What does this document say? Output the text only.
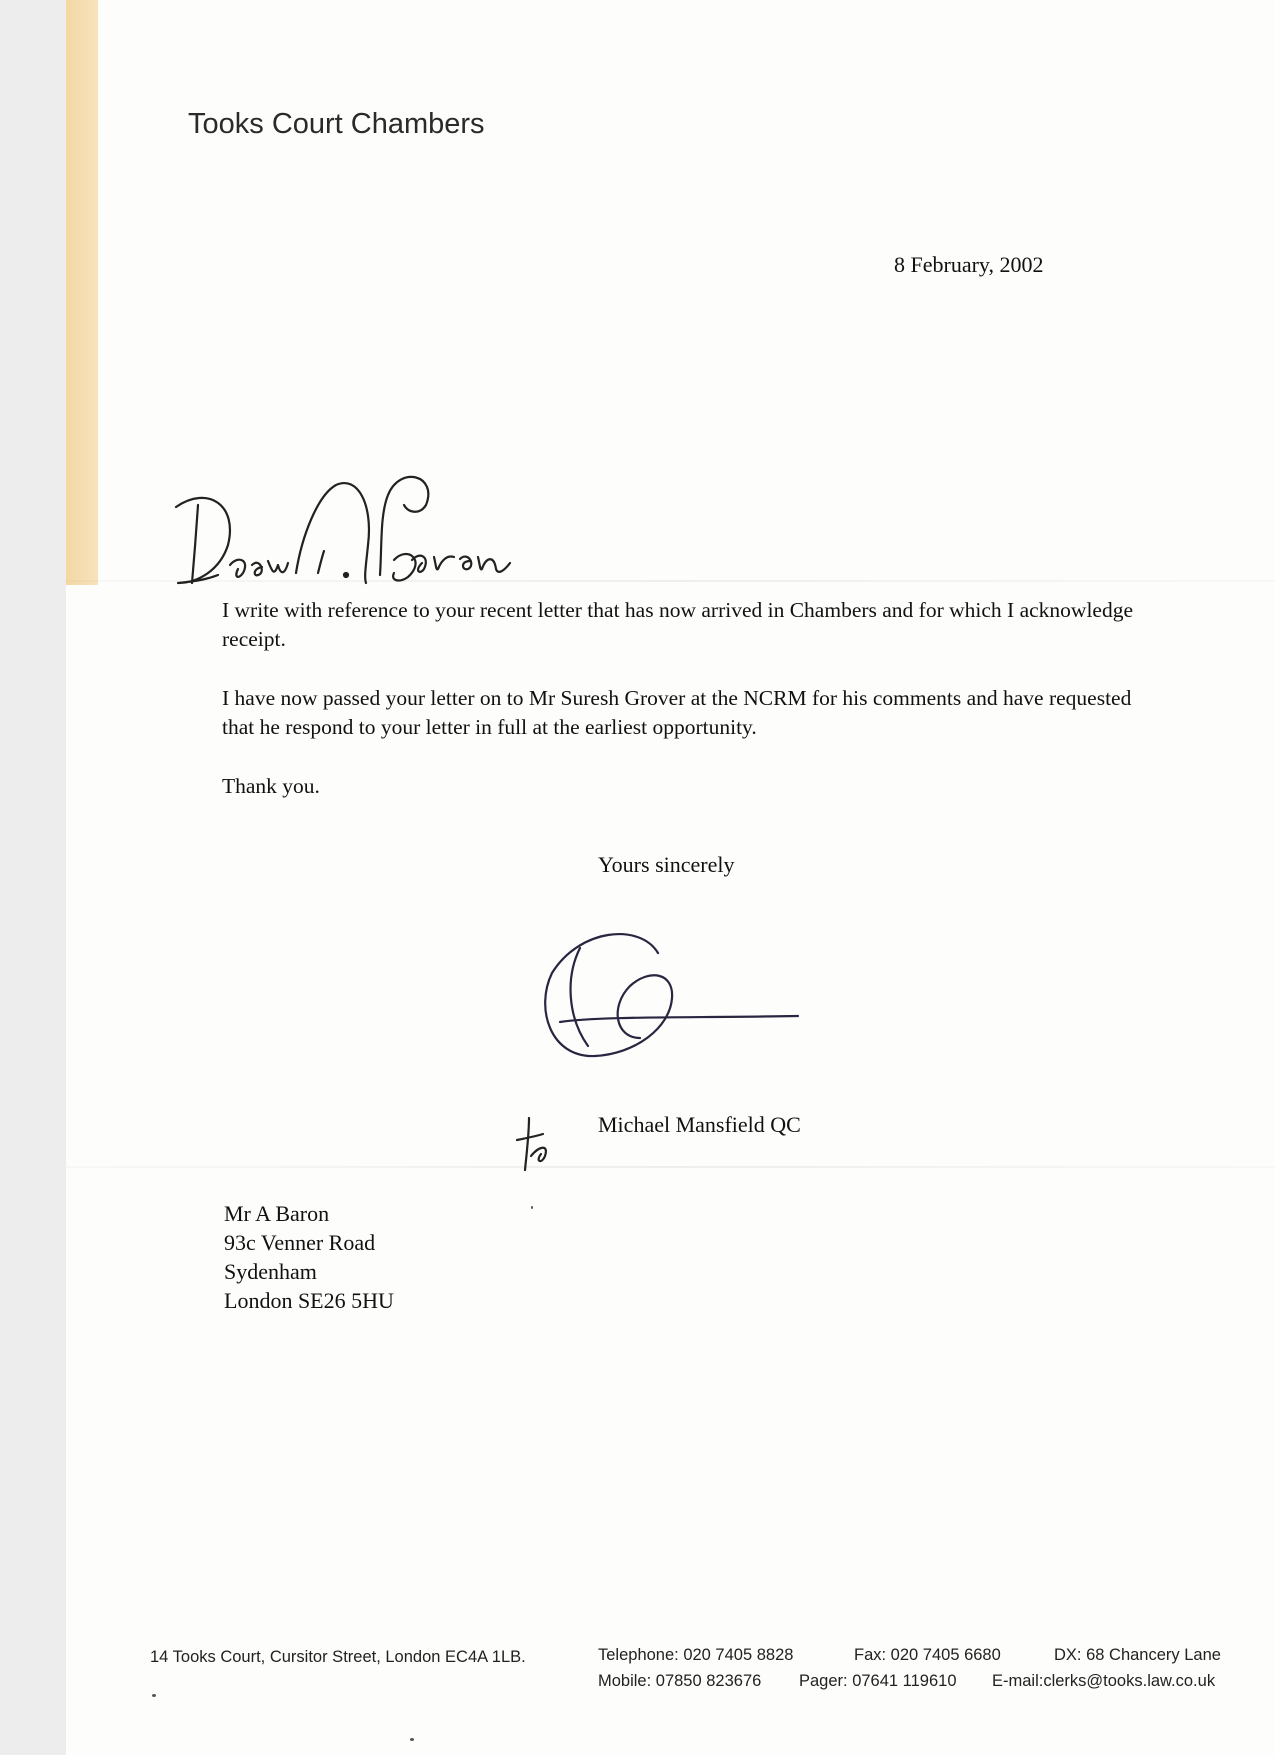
Tooks Court Chambers
8 February, 2002

I write with reference to your recent letter that has now arrived in Chambers and for which I acknowledge receipt.

I have now passed your letter on to Mr Suresh Grover at the NCRM for his comments and have requested that he respond to your letter in full at the earliest opportunity.

Thank you.

Yours sincerely
Michael Mansfield QC
Mr A Baron
93c Venner Road
Sydenham
London SE26 5HU
14 Tooks Court, Cursitor Street, London EC4A 1LB.	Telephone: 020 7405 8828	Fax: 020 7405 6680	DX: 68 Chancery Lane
Mobile: 07850 823676 Pager: 07641 119610 E-mail:clerks@tooks.law.co.uk
